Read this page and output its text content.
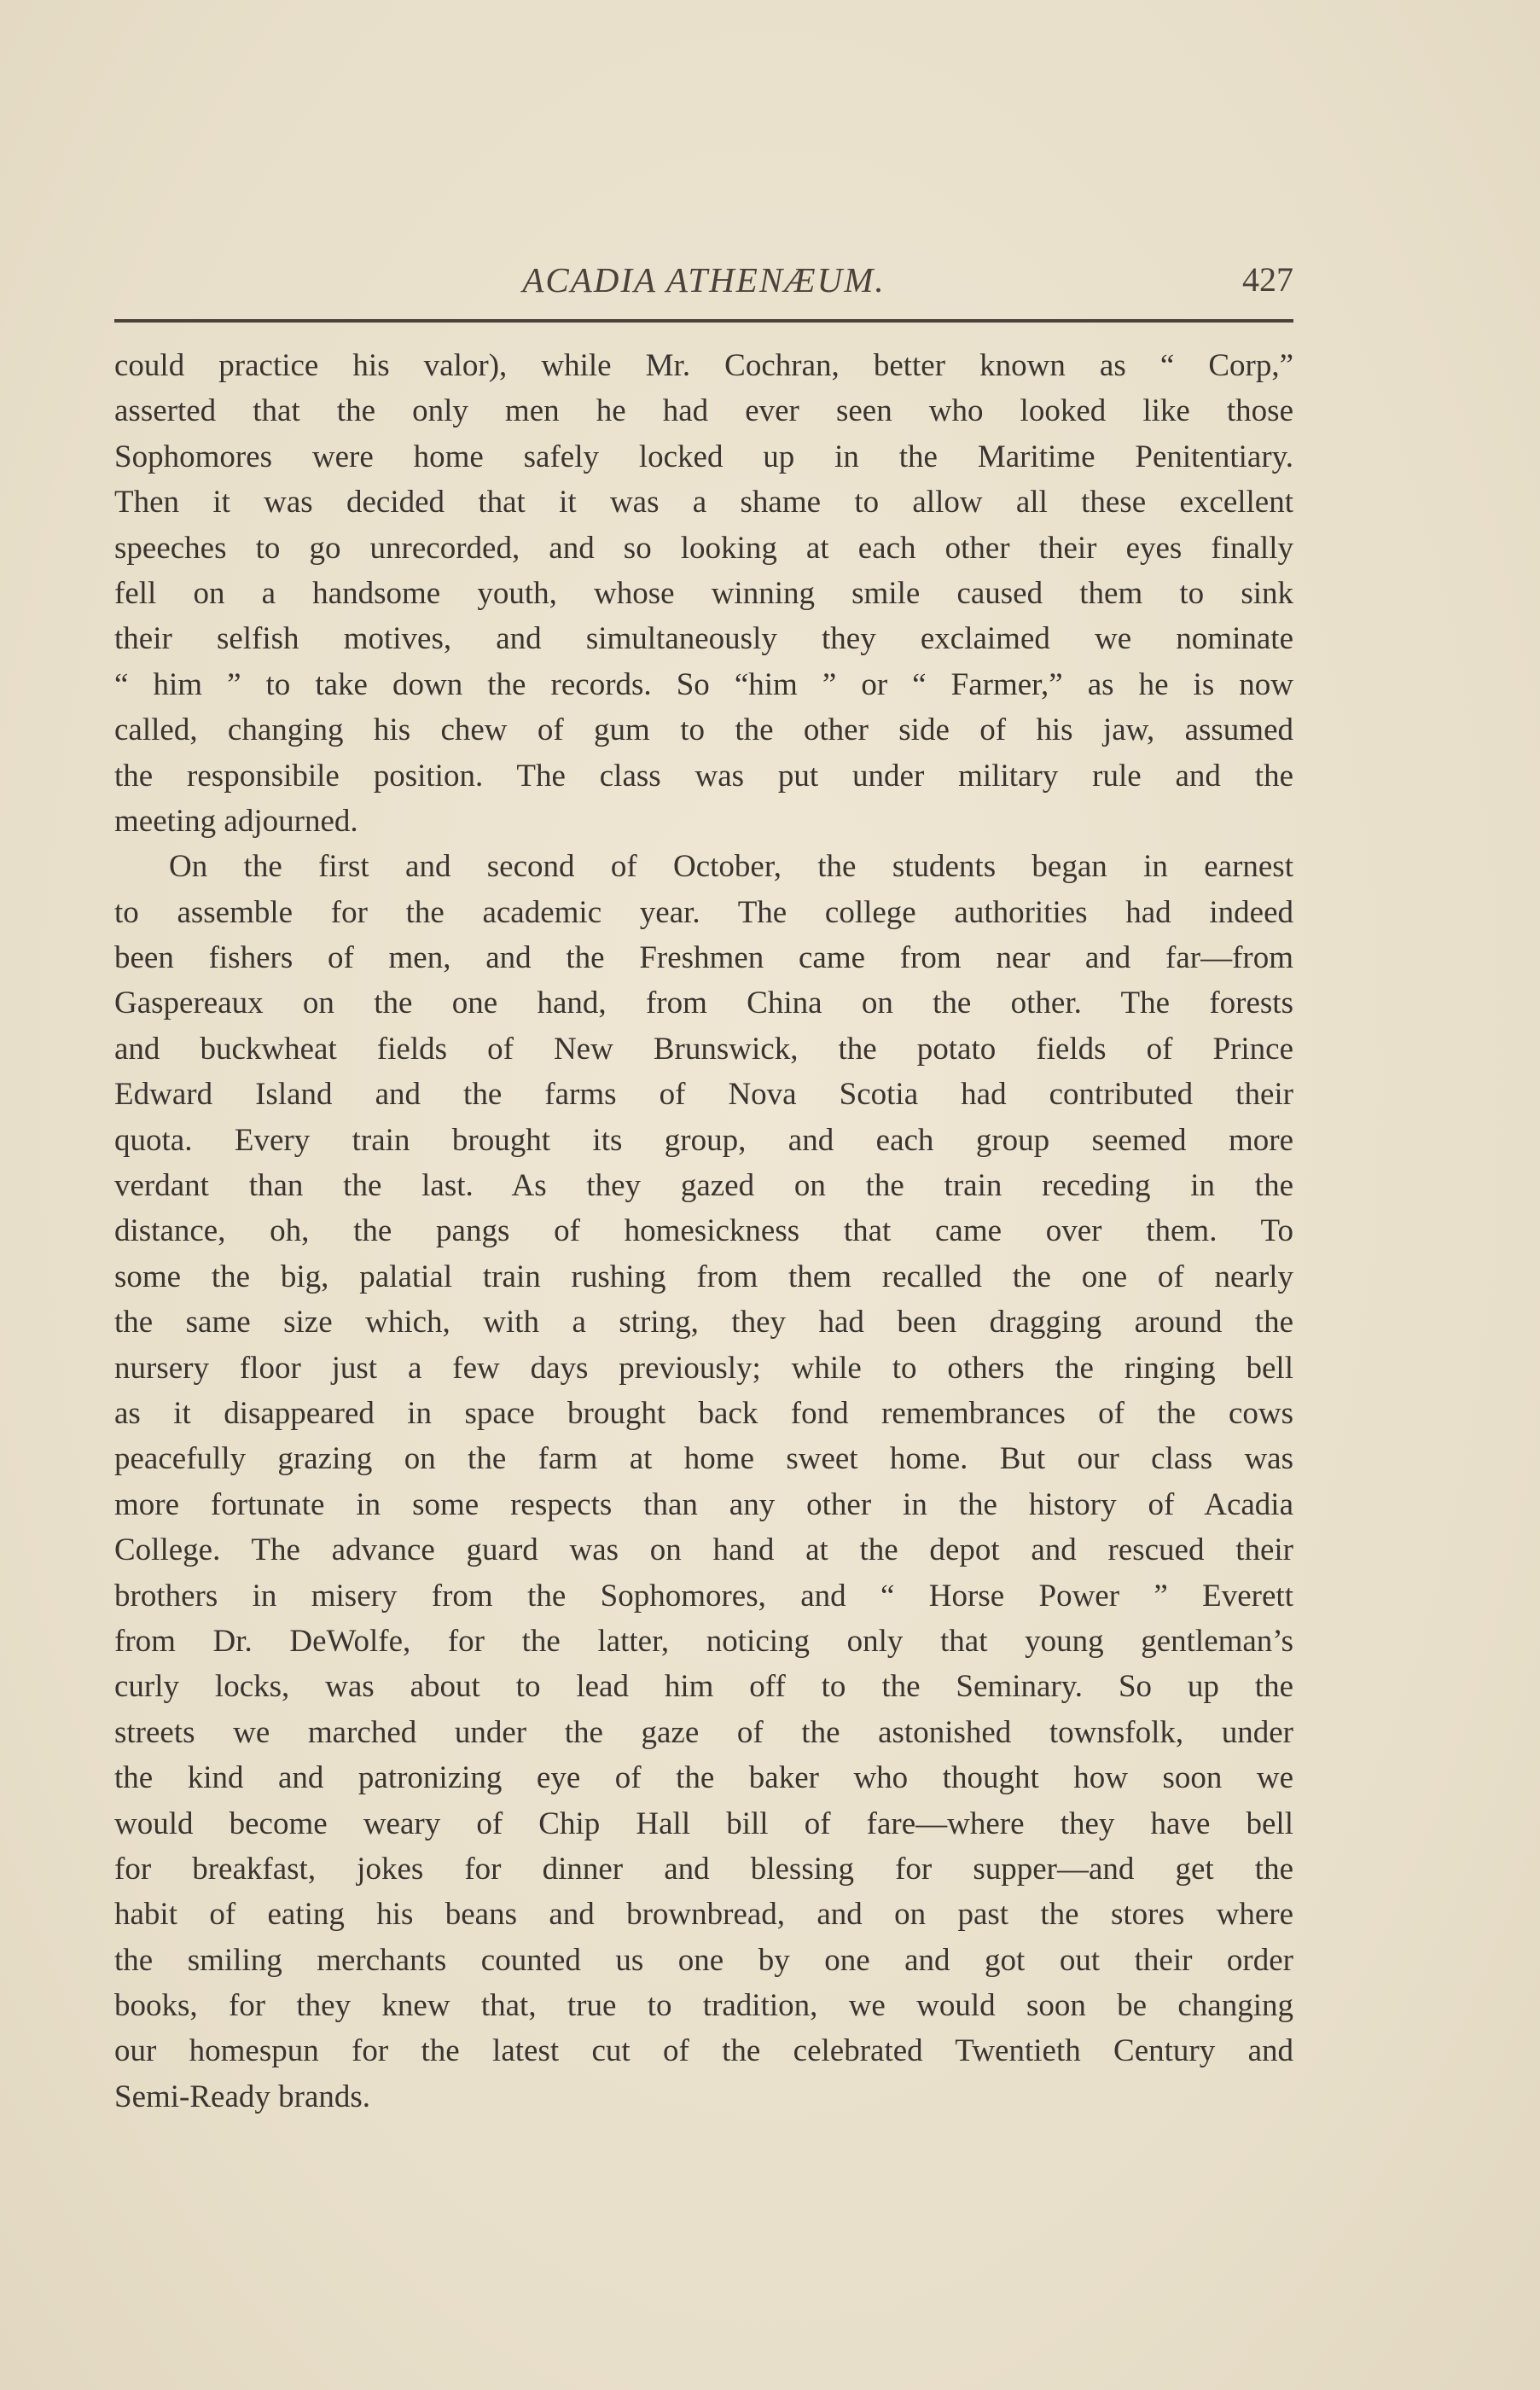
ACADIA ATHENÆUM.	427
could practice his valor), while Mr. Cochran, better known as “ Corp,”
asserted that the only men he had ever seen who looked like those
Sophomores were home safely locked up in the Maritime Penitentiary.
Then it was decided that it was a shame to allow all these excellent
speeches to go unrecorded, and so looking at each other their eyes finally
fell on a handsome youth, whose winning smile caused them to sink
their selfish motives, and simultaneously they exclaimed we nominate
“ him ” to take down the records. So “him ” or “ Farmer,” as he is now
called, changing his chew of gum to the other side of his jaw, assumed
the responsibile position. The class was put under military rule and the
meeting adjourned.
On the first and second of October, the students began in earnest
to assemble for the academic year. The college authorities had indeed
been fishers of men, and the Freshmen came from near and far—from
Gaspereaux on the one hand, from China on the other. The forests
and buckwheat fields of New Brunswick, the potato fields of Prince
Edward Island and the farms of Nova Scotia had contributed their
quota. Every train brought its group, and each group seemed more
verdant than the last. As they gazed on the train receding in the
distance, oh, the pangs of homesickness that came over them. To
some the big, palatial train rushing from them recalled the one of nearly
the same size which, with a string, they had been dragging around the
nursery floor just a few days previously; while to others the ringing bell
as it disappeared in space brought back fond remembrances of the cows
peacefully grazing on the farm at home sweet home. But our class was
more fortunate in some respects than any other in the history of Acadia
College. The advance guard was on hand at the depot and rescued their
brothers in misery from the Sophomores, and “ Horse Power ” Everett
from Dr. DeWolfe, for the latter, noticing only that young gentleman’s
curly locks, was about to lead him off to the Seminary. So up the
streets we marched under the gaze of the astonished townsfolk, under
the kind and patronizing eye of the baker who thought how soon we
would become weary of Chip Hall bill of fare—where they have bell
for breakfast, jokes for dinner and blessing for supper—and get the
habit of eating his beans and brownbread, and on past the stores where
the smiling merchants counted us one by one and got out their order
books, for they knew that, true to tradition, we would soon be changing
our homespun for the latest cut of the celebrated Twentieth Century and
Semi-Ready brands.
